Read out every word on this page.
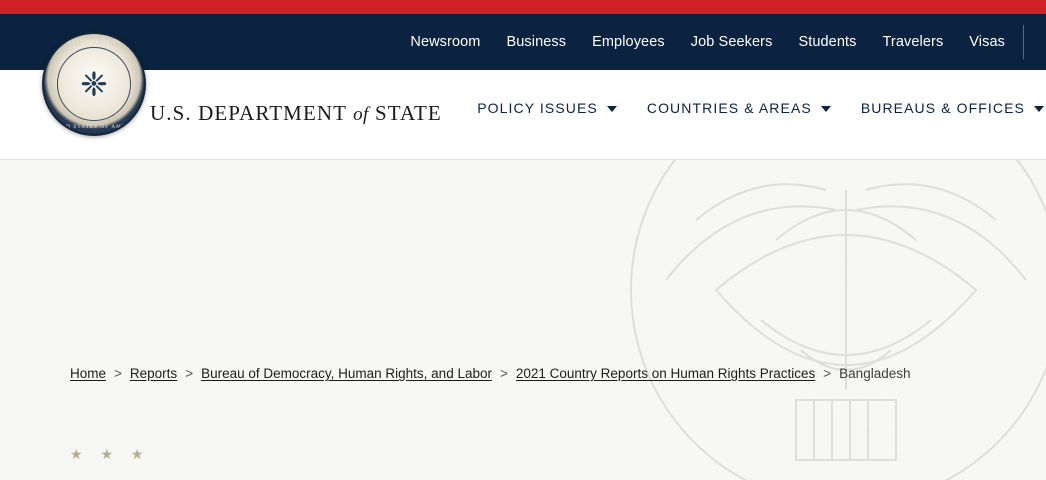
Newsroom Business Employees Job Seekers Students Travelers Visas
DEPARTMENT OF STATE
❈
UNITED STATES OF AMERICA
U.S. DEPARTMENT of STATE	POLICY ISSUES	COUNTRIES & AREAS	BUREAUS & OFFICES
Home > Reports > Bureau of Democracy, Human Rights, and Labor > 2021 Country Reports on Human Rights Practices > Bangladesh
★ ★ ★
